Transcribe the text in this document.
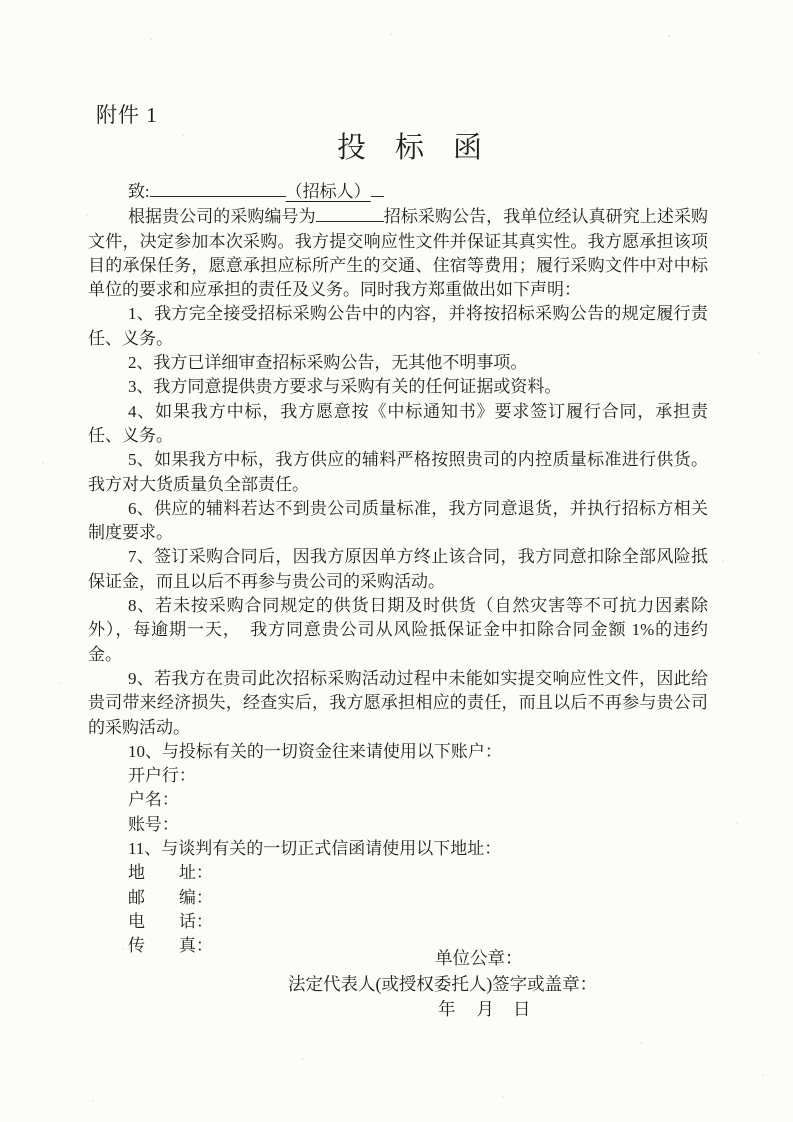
附件 1
投　标　函

致:	（招标人）

根据贵公司的采购编号为	招标采购公告，我单位经认真研究上述采购文件，决定参加本次采购。我方提交响应性文件并保证其真实性。我方愿承担该项目的承保任务，愿意承担应标所产生的交通、住宿等费用；履行采购文件中对中标单位的要求和应承担的责任及义务。同时我方郑重做出如下声明：

1、我方完全接受招标采购公告中的内容，并将按招标采购公告的规定履行责任、义务。

2、我方已详细审查招标采购公告，无其他不明事项。

3、我方同意提供贵方要求与采购有关的任何证据或资料。

4、如果我方中标，我方愿意按《中标通知书》要求签订履行合同，承担责任、义务。

5、如果我方中标，我方供应的辅料严格按照贵司的内控质量标准进行供货。我方对大货质量负全部责任。

6、供应的辅料若达不到贵公司质量标准，我方同意退货，并执行招标方相关制度要求。

7、签订采购合同后，因我方原因单方终止该合同，我方同意扣除全部风险抵保证金，而且以后不再参与贵公司的采购活动。

8、若未按采购合同规定的供货日期及时供货（自然灾害等不可抗力因素除外），每逾期一天，　我方同意贵公司从风险抵保证金中扣除合同金额 1%的违约金。

9、若我方在贵司此次招标采购活动过程中未能如实提交响应性文件，因此给贵司带来经济损失，经查实后，我方愿承担相应的责任，而且以后不再参与贵公司的采购活动。

10、与投标有关的一切资金往来请使用以下账户：

开户行：

户名：

账号：

11、与谈判有关的一切正式信函请使用以下地址：

地　　址：

邮　　编：

电　　话：

传　　真：

单位公章：
法定代表人(或授权委托人)签字或盖章：
年 月 日
